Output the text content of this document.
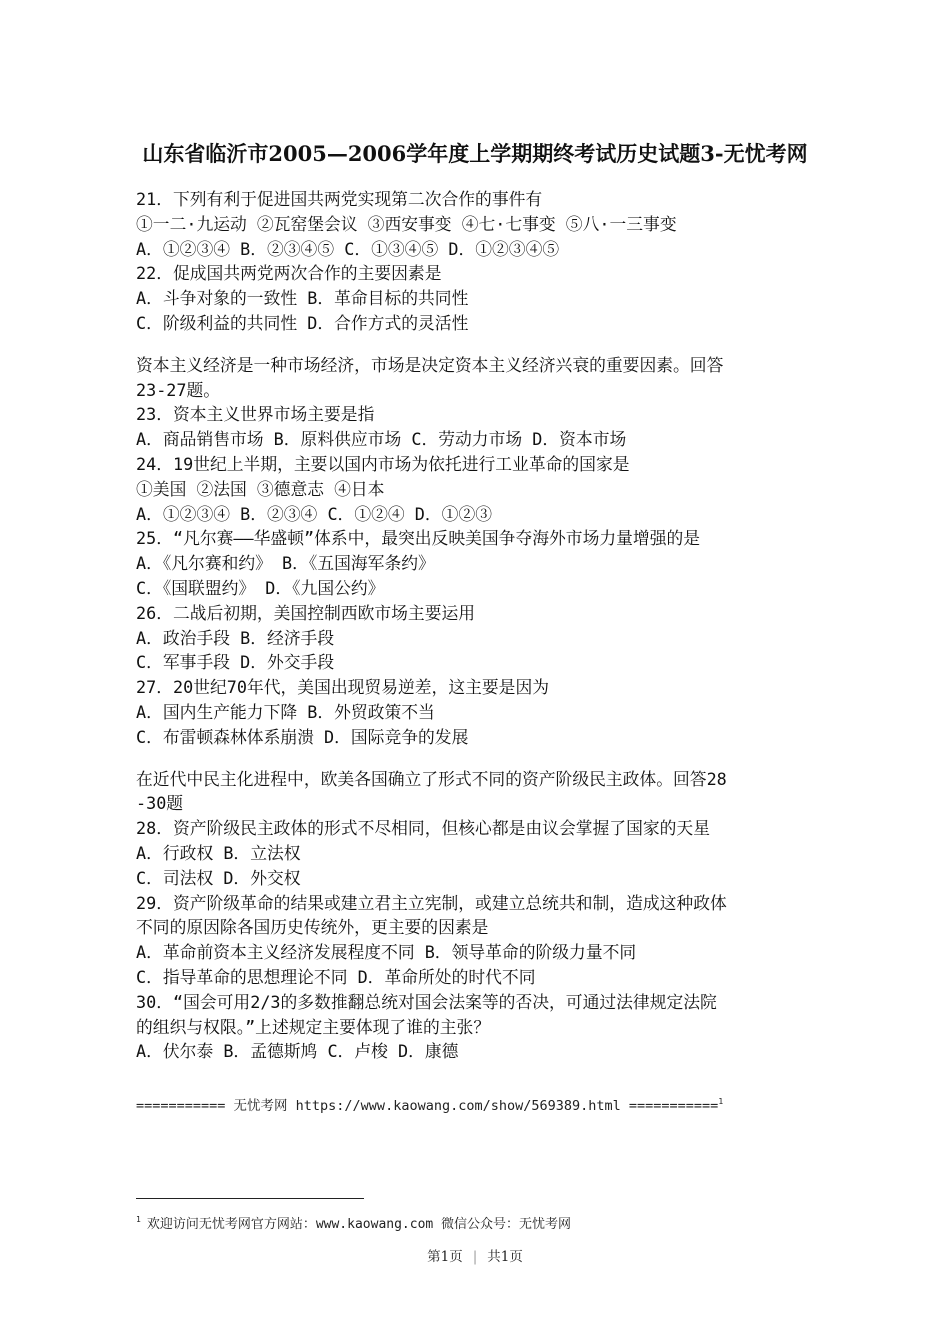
山东省临沂市2005—2006学年度上学期期终考试历史试题3-无忧考网
21．下列有利于促进国共两党实现第二次合作的事件有
①一二·九运动 ②瓦窑堡会议 ③西安事变 ④七·七事变 ⑤八·一三事变
A．①②③④ B．②③④⑤ C．①③④⑤ D．①②③④⑤
22．促成国共两党两次合作的主要因素是
A．斗争对象的一致性 B．革命目标的共同性
C．阶级利益的共同性 D．合作方式的灵活性
资本主义经济是一种市场经济，市场是决定资本主义经济兴衰的重要因素。回答
23-27题。
23．资本主义世界市场主要是指
A．商品销售市场 B．原料供应市场 C．劳动力市场 D．资本市场
24．19世纪上半期，主要以国内市场为依托进行工业革命的国家是
①美国 ②法国 ③德意志 ④日本
A．①②③④ B．②③④ C．①②④ D．①②③
25．“凡尔赛——华盛顿”体系中，最突出反映美国争夺海外市场力量增强的是
A．《凡尔赛和约》 B．《五国海军条约》
C．《国联盟约》 D．《九国公约》
26．二战后初期，美国控制西欧市场主要运用
A．政治手段 B．经济手段
C．军事手段 D．外交手段
27．20世纪70年代，美国出现贸易逆差，这主要是因为
A．国内生产能力下降 B．外贸政策不当
C．布雷顿森林体系崩溃 D．国际竞争的发展
在近代中民主化进程中，欧美各国确立了形式不同的资产阶级民主政体。回答28
-30题
28．资产阶级民主政体的形式不尽相同，但核心都是由议会掌握了国家的天星
A．行政权 B．立法权
C．司法权 D．外交权
29．资产阶级革命的结果或建立君主立宪制，或建立总统共和制，造成这种政体
不同的原因除各国历史传统外，更主要的因素是
A．革命前资本主义经济发展程度不同 B．领导革命的阶级力量不同
C．指导革命的思想理论不同 D．革命所处的时代不同
30．“国会可用2/3的多数推翻总统对国会法案等的否决，可通过法律规定法院
的组织与权限。”上述规定主要体现了谁的主张？
A．伏尔泰 B．孟德斯鸠 C．卢梭 D．康德
=========== 无忧考网 https://www.kaowang.com/show/569389.html ===========$^1$
$^1$ 欢迎访问无忧考网官方网站：www.kaowang.com 微信公众号：无忧考网
第1页 | 共1页
